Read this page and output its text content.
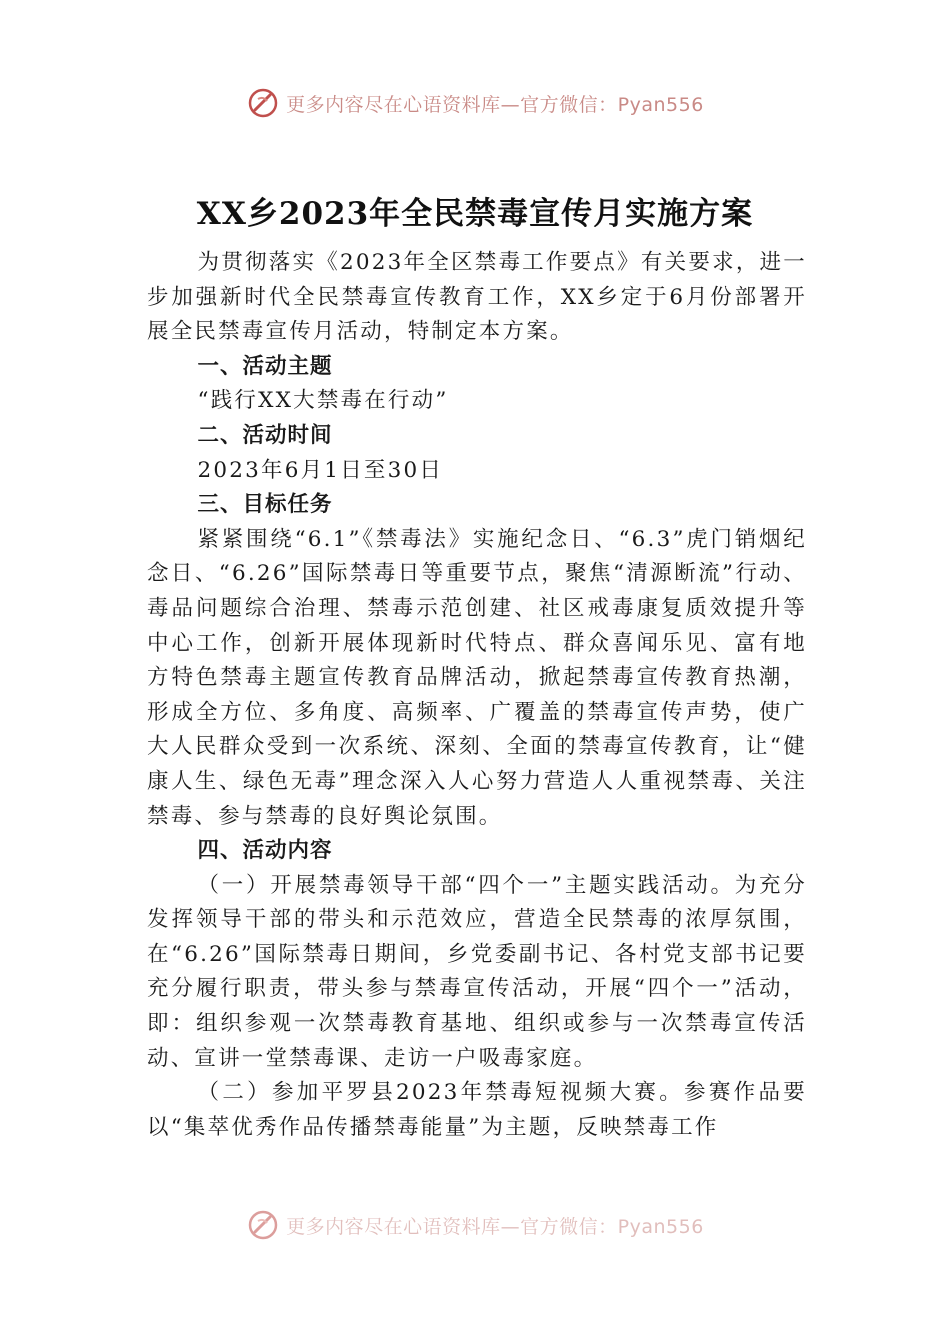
更多内容尽在心语资料库—官方微信：Pyan556
XX乡2023年全民禁毒宣传月实施方案

为贯彻落实《2023年全区禁毒工作要点》有关要求，进一步加强新时代全民禁毒宣传教育工作，XX乡定于6月份部署开展全民禁毒宣传月活动，特制定本方案。

一、活动主题

“践行XX大禁毒在行动”

二、活动时间

2023年6月1日至30日

三、目标任务

紧紧围绕“6.1”《禁毒法》实施纪念日、“6.3”虎门销烟纪念日、“6.26”国际禁毒日等重要节点，聚焦“清源断流”行动、毒品问题综合治理、禁毒示范创建、社区戒毒康复质效提升等中心工作，创新开展体现新时代特点、群众喜闻乐见、富有地方特色禁毒主题宣传教育品牌活动，掀起禁毒宣传教育热潮，形成全方位、多角度、高频率、广覆盖的禁毒宣传声势，使广大人民群众受到一次系统、深刻、全面的禁毒宣传教育，让“健康人生、绿色无毒”理念深入人心努力营造人人重视禁毒、关注禁毒、参与禁毒的良好舆论氛围。

四、活动内容

（一）开展禁毒领导干部“四个一”主题实践活动。为充分发挥领导干部的带头和示范效应，营造全民禁毒的浓厚氛围，在“6.26”国际禁毒日期间，乡党委副书记、各村党支部书记要充分履行职责，带头参与禁毒宣传活动，开展“四个一”活动，即：组织参观一次禁毒教育基地、组织或参与一次禁毒宣传活动、宣讲一堂禁毒课、走访一户吸毒家庭。

（二）参加平罗县2023年禁毒短视频大赛。参赛作品要以“集萃优秀作品传播禁毒能量”为主题，反映禁毒工作

更多内容尽在心语资料库—官方微信：Pyan556
